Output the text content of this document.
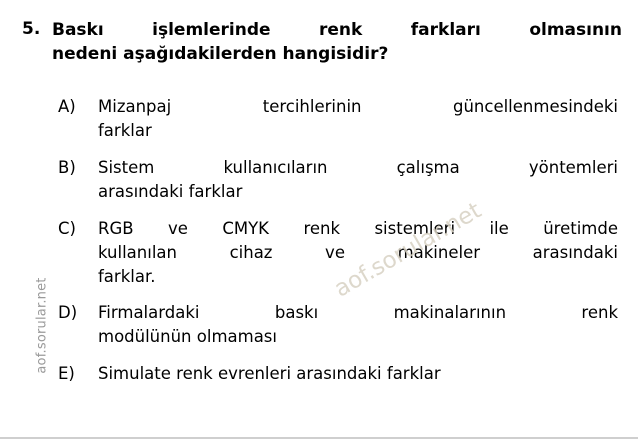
aof.sorular.net
5. Baskı işlemlerinde renk farkları olmasının
nedeni aşağıdakilerden hangisidir?
A)	Mizanpaj tercihlerinin güncellenmesindeki
farklar
B)	Sistem kullanıcıların çalışma yöntemleri
arasındaki farklar
C)	RGB ve CMYK renk sistemleri ile üretimde
kullanılan cihaz ve makineler arasındaki
farklar.
D)	Firmalardaki baskı makinalarının renk
modülünün olmaması
E)	Simulate renk evrenleri arasındaki farklar
aof.sorular.net
